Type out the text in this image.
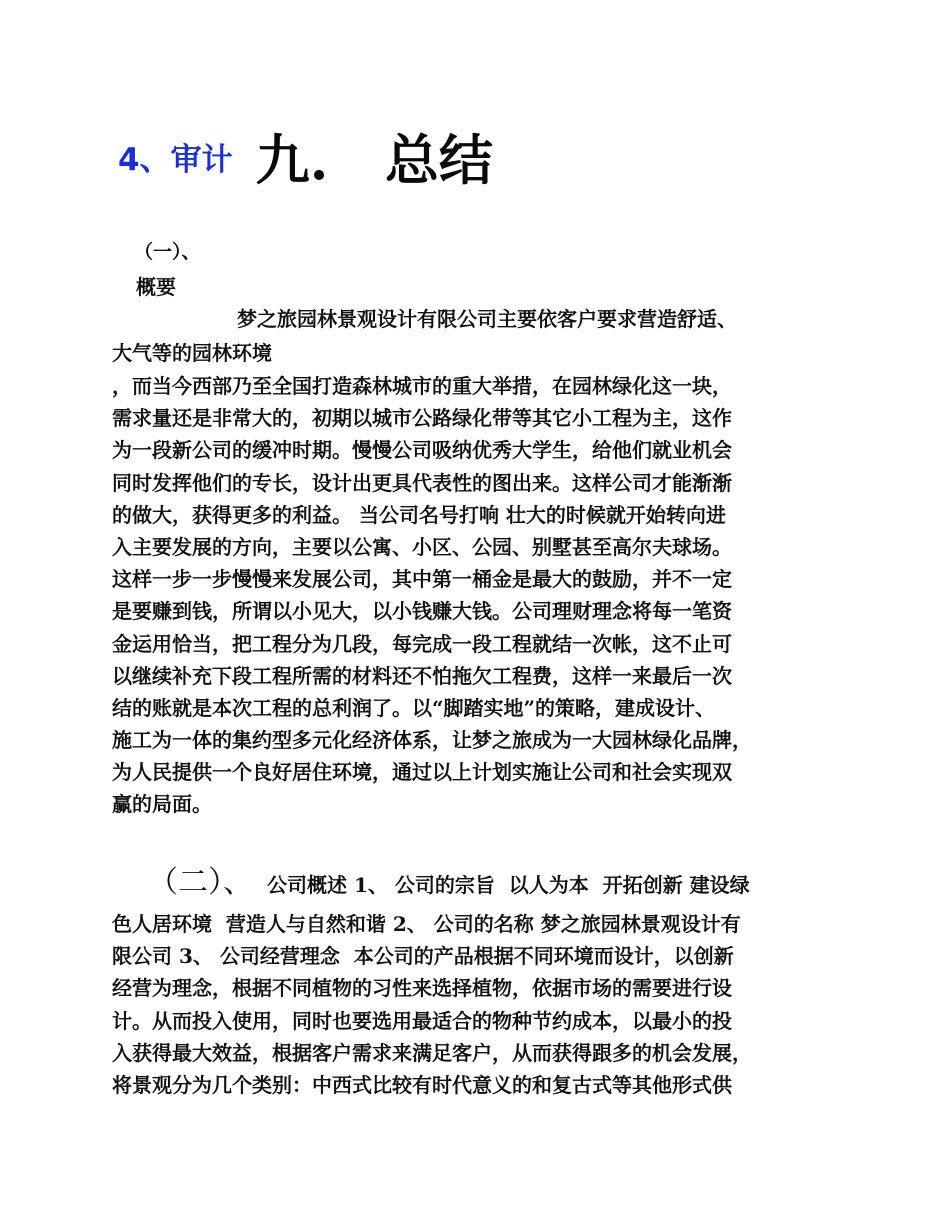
4、审计 九.   总结
（一）、
概要
梦之旅园林景观设计有限公司主要依客户要求营造舒适、
大气等的园林环境
，而当今西部乃至全国打造森林城市的重大举措，在园林绿化这一块，
需求量还是非常大的，初期以城市公路绿化带等其它小工程为主，这作
为一段新公司的缓冲时期。慢慢公司吸纳优秀大学生，给他们就业机会
同时发挥他们的专长，设计出更具代表性的图出来。这样公司才能渐渐
的做大，获得更多的利益。 当公司名号打响 壮大的时候就开始转向进
入主要发展的方向，主要以公寓、小区、公园、别墅甚至高尔夫球场。
这样一步一步慢慢来发展公司，其中第一桶金是最大的鼓励，并不一定
是要赚到钱，所谓以小见大，以小钱赚大钱。公司理财理念将每一笔资
金运用恰当，把工程分为几段，每完成一段工程就结一次帐，这不止可
以继续补充下段工程所需的材料还不怕拖欠工程费，这样一来最后一次
结的账就是本次工程的总利润了。以“脚踏实地”的策略，建成设计、
施工为一体的集约型多元化经济体系，让梦之旅成为一大园林绿化品牌，
为人民提供一个良好居住环境，通过以上计划实施让公司和社会实现双
赢的局面。
（二）、 公司概述 1、 公司的宗旨  以人为本  开拓创新 建设绿
色人居环境  营造人与自然和谐 2、 公司的名称 梦之旅园林景观设计有
限公司 3、 公司经营理念  本公司的产品根据不同环境而设计，以创新
经营为理念，根据不同植物的习性来选择植物，依据市场的需要进行设
计。从而投入使用，同时也要选用最适合的物种节约成本，以最小的投
入获得最大效益，根据客户需求来满足客户，从而获得跟多的机会发展，
将景观分为几个类别：中西式比较有时代意义的和复古式等其他形式供
